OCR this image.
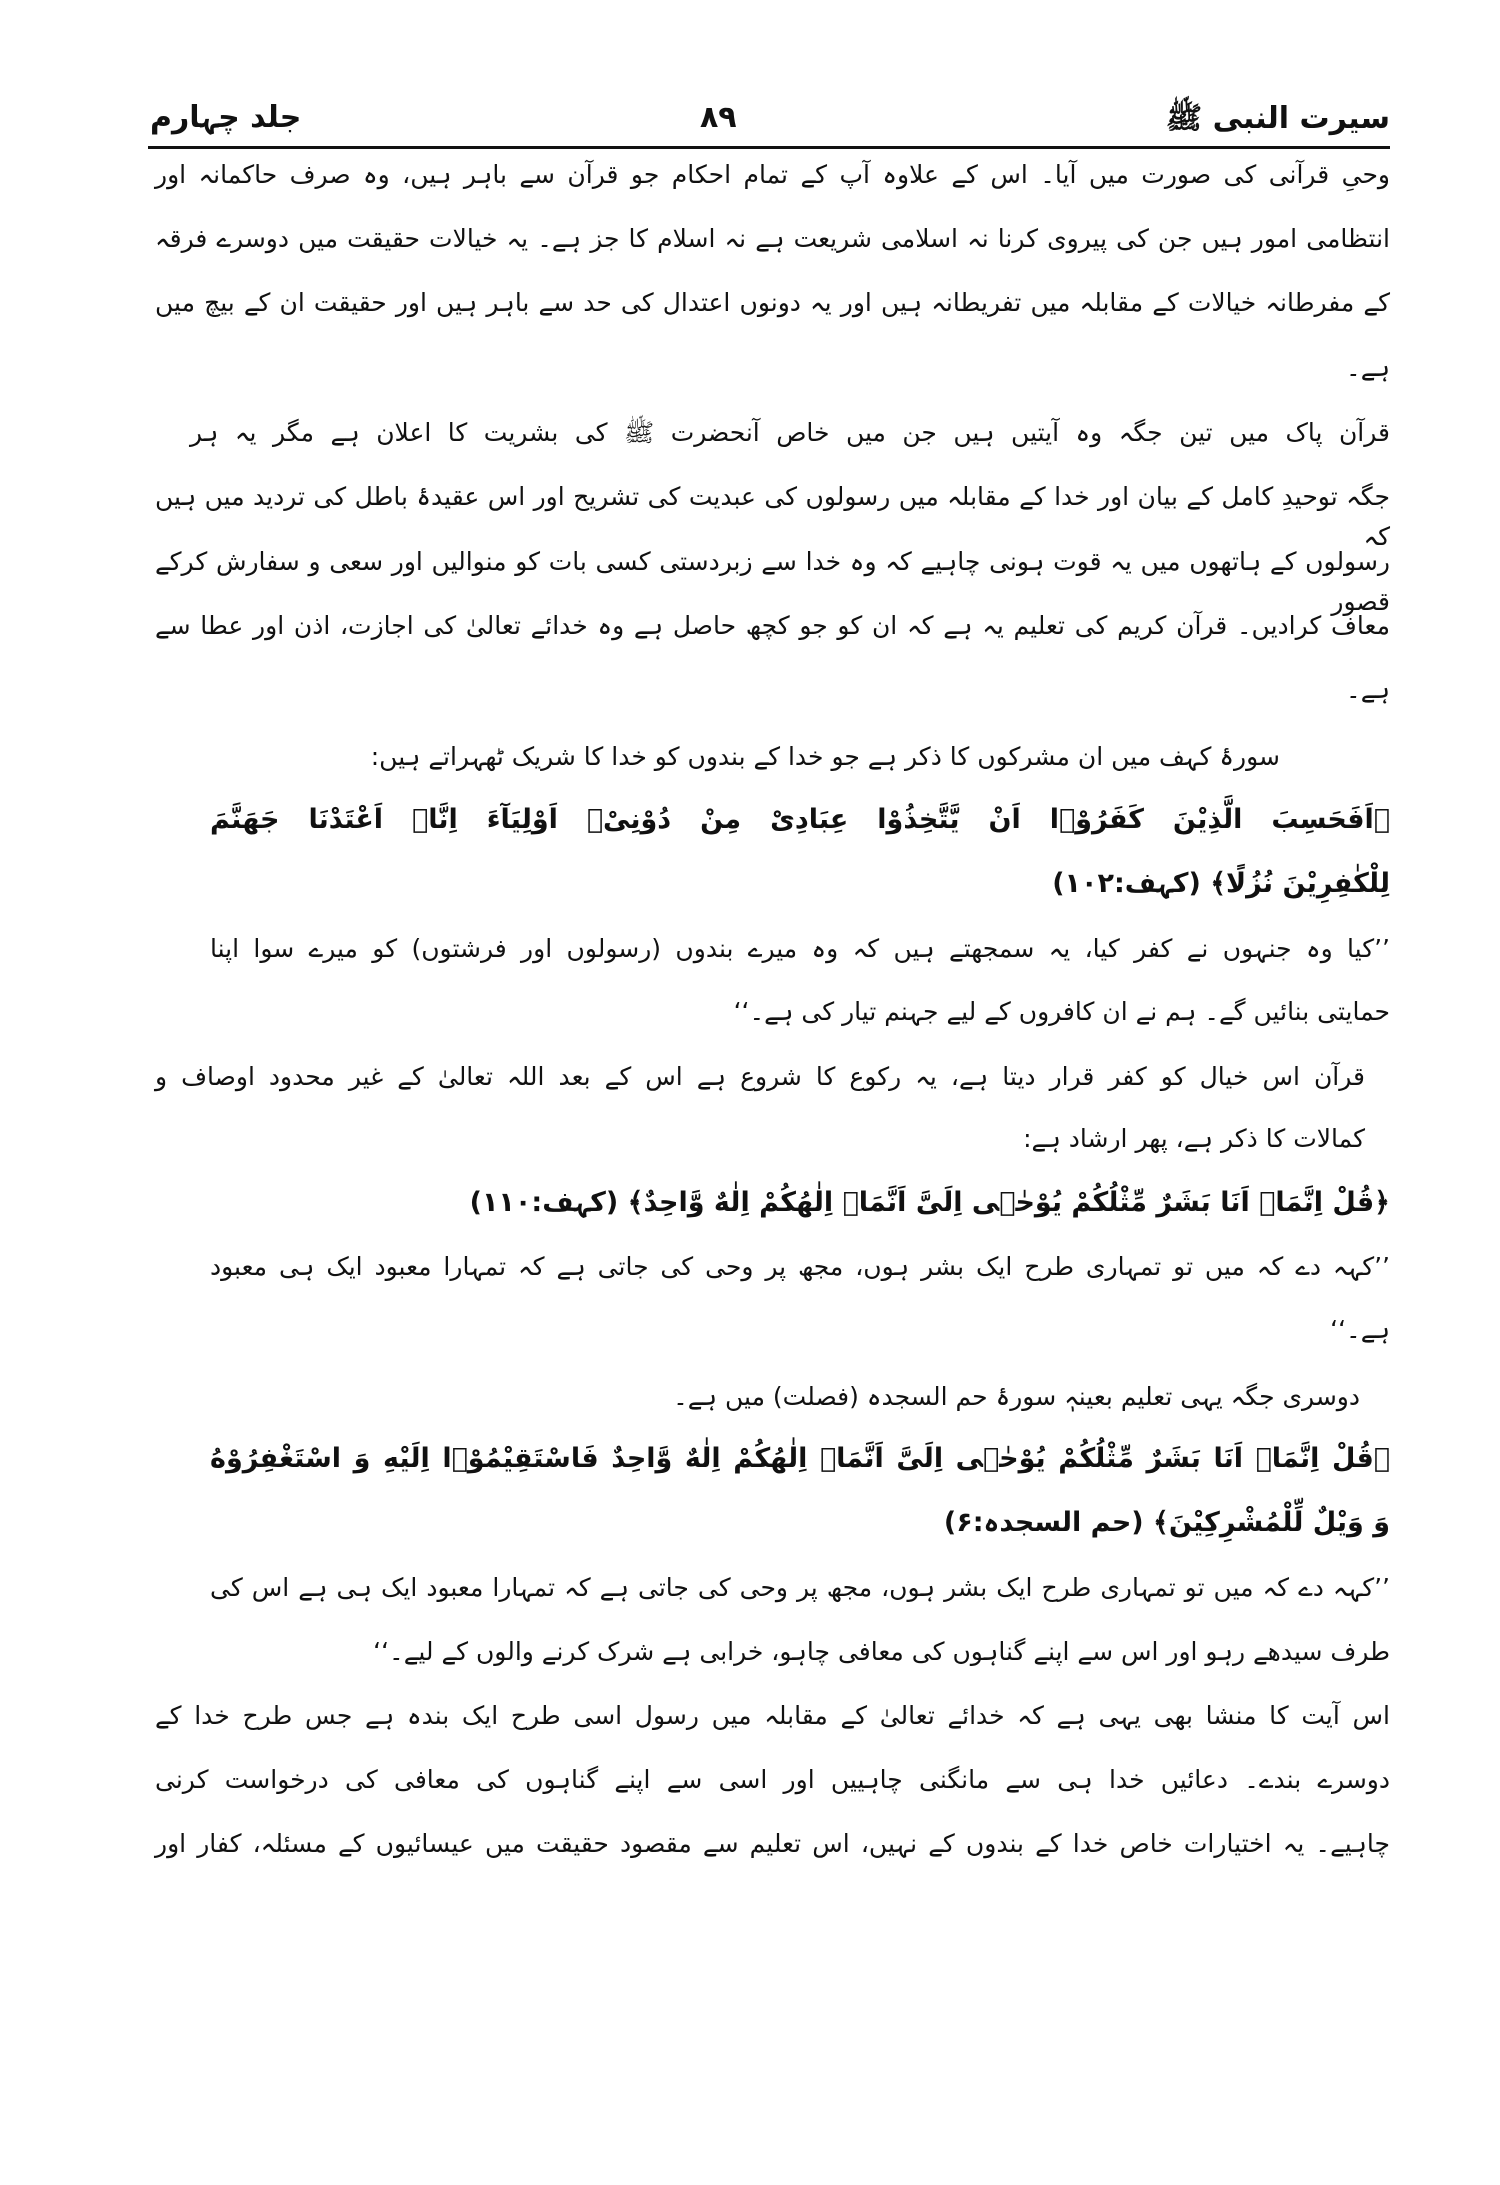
سیرت النبی ﷺ
۸۹
جلد چہارم
وحیِ قرآنی کی صورت میں آیا۔ اس کے علاوہ آپ کے تمام احکام جو قرآن سے باہر ہیں، وہ صرف حاکمانہ اور
انتظامی امور ہیں جن کی پیروی کرنا نہ اسلامی شریعت ہے نہ اسلام کا جز ہے۔ یہ خیالات حقیقت میں دوسرے فرقہ
کے مفرطانہ خیالات کے مقابلہ میں تفریطانہ ہیں اور یہ دونوں اعتدال کی حد سے باہر ہیں اور حقیقت ان کے بیچ میں
ہے۔
قرآن پاک میں تین جگہ وہ آیتیں ہیں جن میں خاص آنحضرت ﷺ کی بشریت کا اعلان ہے مگر یہ ہر
جگہ توحیدِ کامل کے بیان اور خدا کے مقابلہ میں رسولوں کی عبدیت کی تشریح اور اس عقیدۂ باطل کی تردید میں ہیں کہ
رسولوں کے ہاتھوں میں یہ قوت ہونی چاہیے کہ وہ خدا سے زبردستی کسی بات کو منوالیں اور سعی و سفارش کرکے قصور
معاف کرادیں۔ قرآن کریم کی تعلیم یہ ہے کہ ان کو جو کچھ حاصل ہے وہ خدائے تعالیٰ کی اجازت، اذن اور عطا سے
ہے۔
سورۂ کہف میں ان مشرکوں کا ذکر ہے جو خدا کے بندوں کو خدا کا شریک ٹھہراتے ہیں:
﴿اَفَحَسِبَ الَّذِیْنَ كَفَرُوْۤا اَنْ یَّتَّخِذُوْا عِبَادِیْ مِنْ دُوْنِیْۤ اَوْلِیَآءَ اِنَّاۤ اَعْتَدْنَا جَهَنَّمَ
لِلْكٰفِرِیْنَ نُزُلًا﴾ (کہف:۱۰۲)
’’کیا وہ جنہوں نے کفر کیا، یہ سمجھتے ہیں کہ وہ میرے بندوں (رسولوں اور فرشتوں) کو میرے سوا اپنا
حمایتی بنائیں گے۔ ہم نے ان کافروں کے لیے جہنم تیار کی ہے۔‘‘
قرآن اس خیال کو کفر قرار دیتا ہے، یہ رکوع کا شروع ہے اس کے بعد اللہ تعالیٰ کے غیر محدود اوصاف و
کمالات کا ذکر ہے، پھر ارشاد ہے:
﴿قُلْ اِنَّمَاۤ اَنَا بَشَرٌ مِّثْلُكُمْ یُوْحٰۤى اِلَیَّ اَنَّمَاۤ اِلٰهُكُمْ اِلٰهٌ وَّاحِدٌ﴾ (کہف:۱۱۰)
’’کہہ دے کہ میں تو تمہاری طرح ایک بشر ہوں، مجھ پر وحی کی جاتی ہے کہ تمہارا معبود ایک ہی معبود
ہے۔‘‘
دوسری جگہ یہی تعلیم بعینہٖ سورۂ حم السجدہ (فصلت) میں ہے۔
﴿قُلْ اِنَّمَاۤ اَنَا بَشَرٌ مِّثْلُكُمْ یُوْحٰۤى اِلَیَّ اَنَّمَاۤ اِلٰهُكُمْ اِلٰهٌ وَّاحِدٌ فَاسْتَقِیْمُوْۤا اِلَیْهِ وَ اسْتَغْفِرُوْهُ
وَ وَیْلٌ لِّلْمُشْرِكِیْنَ﴾ (حم السجدہ:۶)
’’کہہ دے کہ میں تو تمہاری طرح ایک بشر ہوں، مجھ پر وحی کی جاتی ہے کہ تمہارا معبود ایک ہی ہے اس کی
طرف سیدھے رہو اور اس سے اپنے گناہوں کی معافی چاہو، خرابی ہے شرک کرنے والوں کے لیے۔‘‘
اس آیت کا منشا بھی یہی ہے کہ خدائے تعالیٰ کے مقابلہ میں رسول اسی طرح ایک بندہ ہے جس طرح خدا کے
دوسرے بندے۔ دعائیں خدا ہی سے مانگنی چاہییں اور اسی سے اپنے گناہوں کی معافی کی درخواست کرنی
چاہیے۔ یہ اختیارات خاص خدا کے بندوں کے نہیں، اس تعلیم سے مقصود حقیقت میں عیسائیوں کے مسئلہ، کفار اور
